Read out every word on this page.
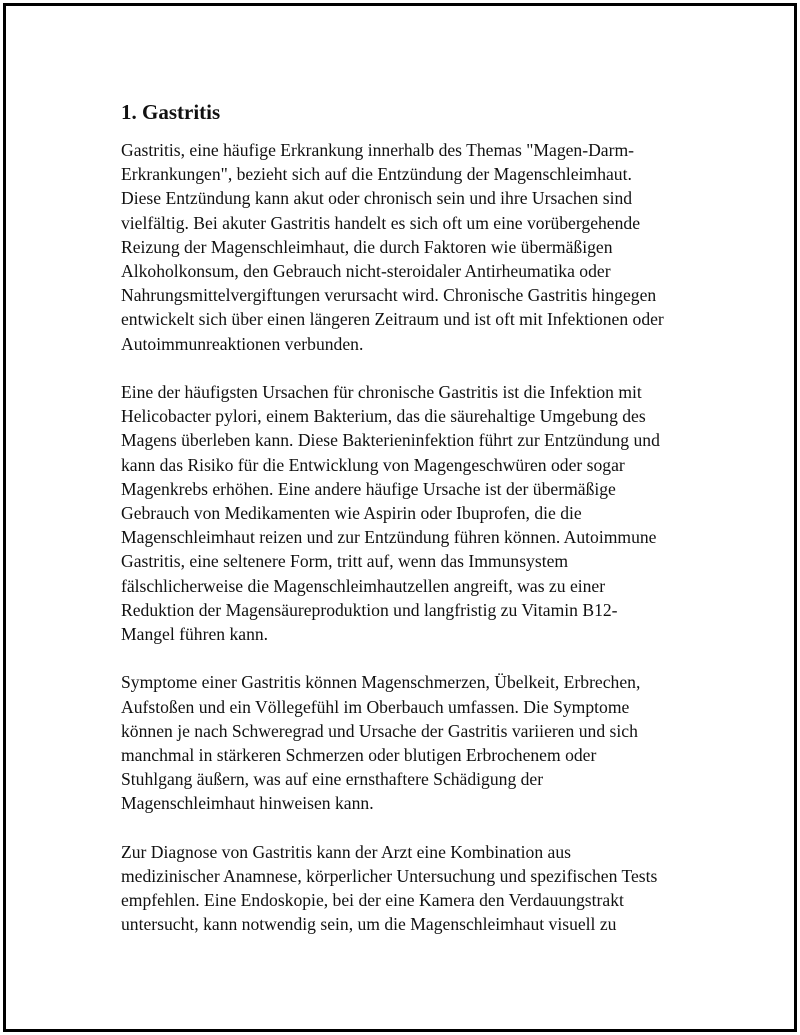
1. Gastritis

Gastritis, eine häufige Erkrankung innerhalb des Themas "Magen-Darm-
Erkrankungen", bezieht sich auf die Entzündung der Magenschleimhaut.
Diese Entzündung kann akut oder chronisch sein und ihre Ursachen sind
vielfältig. Bei akuter Gastritis handelt es sich oft um eine vorübergehende
Reizung der Magenschleimhaut, die durch Faktoren wie übermäßigen
Alkoholkonsum, den Gebrauch nicht-steroidaler Antirheumatika oder
Nahrungsmittelvergiftungen verursacht wird. Chronische Gastritis hingegen
entwickelt sich über einen längeren Zeitraum und ist oft mit Infektionen oder
Autoimmunreaktionen verbunden.

Eine der häufigsten Ursachen für chronische Gastritis ist die Infektion mit
Helicobacter pylori, einem Bakterium, das die säurehaltige Umgebung des
Magens überleben kann. Diese Bakterieninfektion führt zur Entzündung und
kann das Risiko für die Entwicklung von Magengeschwüren oder sogar
Magenkrebs erhöhen. Eine andere häufige Ursache ist der übermäßige
Gebrauch von Medikamenten wie Aspirin oder Ibuprofen, die die
Magenschleimhaut reizen und zur Entzündung führen können. Autoimmune
Gastritis, eine seltenere Form, tritt auf, wenn das Immunsystem
fälschlicherweise die Magenschleimhautzellen angreift, was zu einer
Reduktion der Magensäureproduktion und langfristig zu Vitamin B12-
Mangel führen kann.

Symptome einer Gastritis können Magenschmerzen, Übelkeit, Erbrechen,
Aufstoßen und ein Völlegefühl im Oberbauch umfassen. Die Symptome
können je nach Schweregrad und Ursache der Gastritis variieren und sich
manchmal in stärkeren Schmerzen oder blutigen Erbrochenem oder
Stuhlgang äußern, was auf eine ernsthaftere Schädigung der
Magenschleimhaut hinweisen kann.

Zur Diagnose von Gastritis kann der Arzt eine Kombination aus
medizinischer Anamnese, körperlicher Untersuchung und spezifischen Tests
empfehlen. Eine Endoskopie, bei der eine Kamera den Verdauungstrakt
untersucht, kann notwendig sein, um die Magenschleimhaut visuell zu
